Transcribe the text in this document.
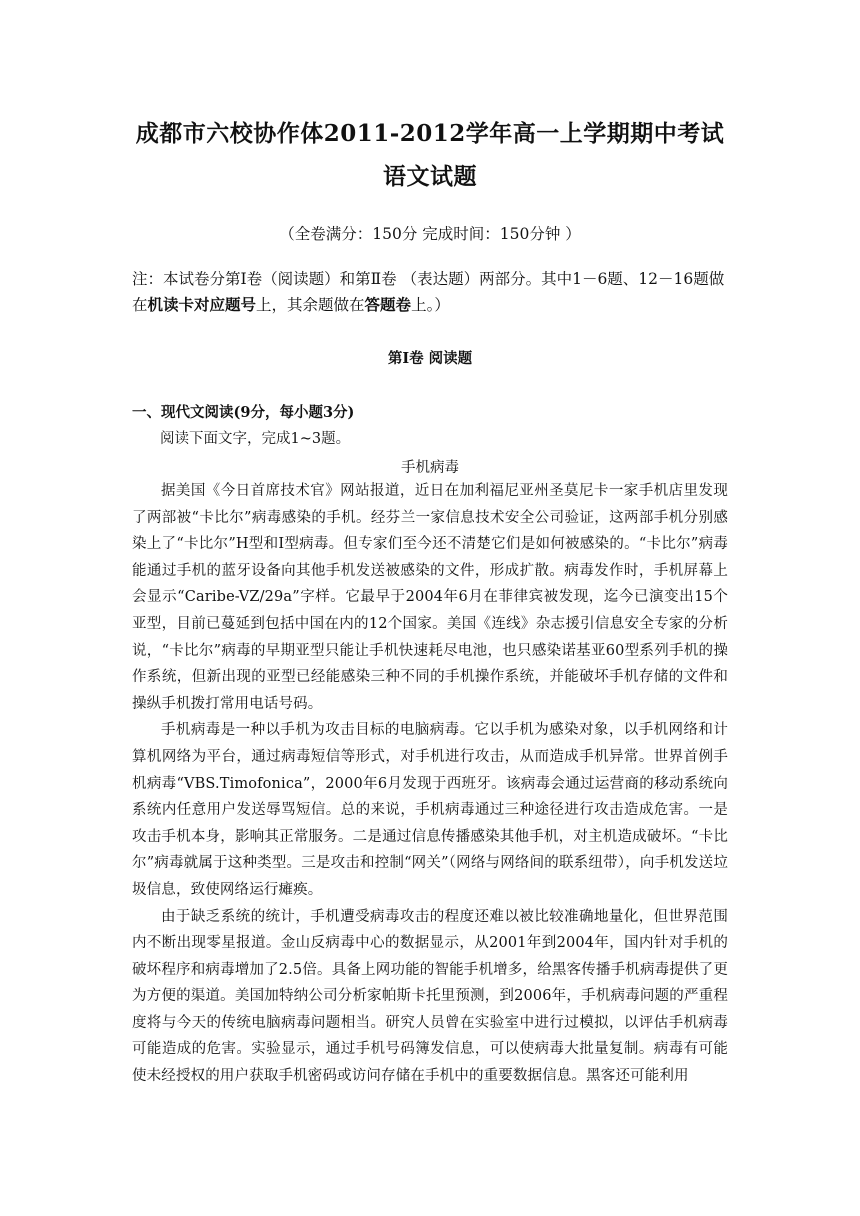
成都市六校协作体2011-2012学年高一上学期期中考试
语文试题
（全卷满分：150分 完成时间：150分钟 ）
注：本试卷分第Ⅰ卷（阅读题）和第Ⅱ卷 （表达题）两部分。其中1－6题、12－16题做在机读卡对应题号上，其余题做在答题卷上。）
第Ⅰ卷 阅读题
一、现代文阅读(9分，每小题3分)
阅读下面文字，完成1~3题。
手机病毒

据美国《今日首席技术官》网站报道，近日在加利福尼亚州圣莫尼卡一家手机店里发现了两部被“卡比尔”病毒感染的手机。经芬兰一家信息技术安全公司验证，这两部手机分别感染上了“卡比尔”H型和Ⅰ型病毒。但专家们至今还不清楚它们是如何被感染的。“卡比尔”病毒能通过手机的蓝牙设备向其他手机发送被感染的文件，形成扩散。病毒发作时，手机屏幕上会显示“Caribe-VZ/29a”字样。它最早于2004年6月在菲律宾被发现，迄今已演变出15个亚型，目前已蔓延到包括中国在内的12个国家。美国《连线》杂志援引信息安全专家的分析说，“卡比尔”病毒的早期亚型只能让手机快速耗尽电池，也只感染诺基亚60型系列手机的操作系统，但新出现的亚型已经能感染三种不同的手机操作系统，并能破坏手机存储的文件和操纵手机拨打常用电话号码。

手机病毒是一种以手机为攻击目标的电脑病毒。它以手机为感染对象，以手机网络和计算机网络为平台，通过病毒短信等形式，对手机进行攻击，从而造成手机异常。世界首例手机病毒“VBS.Timofonica”，2000年6月发现于西班牙。该病毒会通过运营商的移动系统向系统内任意用户发送辱骂短信。总的来说，手机病毒通过三种途径进行攻击造成危害。一是攻击手机本身，影响其正常服务。二是通过信息传播感染其他手机，对主机造成破坏。“卡比尔”病毒就属于这种类型。三是攻击和控制“网关”（网络与网络间的联系纽带），向手机发送垃圾信息，致使网络运行瘫痪。

由于缺乏系统的统计，手机遭受病毒攻击的程度还难以被比较准确地量化，但世界范围内不断出现零星报道。金山反病毒中心的数据显示，从2001年到2004年，国内针对手机的破坏程序和病毒增加了2.5倍。具备上网功能的智能手机增多，给黑客传播手机病毒提供了更为方便的渠道。美国加特纳公司分析家帕斯卡托里预测，到2006年，手机病毒问题的严重程度将与今天的传统电脑病毒问题相当。研究人员曾在实验室中进行过模拟，以评估手机病毒可能造成的危害。实验显示，通过手机号码簿发信息，可以使病毒大批量复制。病毒有可能使未经授权的用户获取手机密码或访问存储在手机中的重要数据信息。黑客还可能利用
